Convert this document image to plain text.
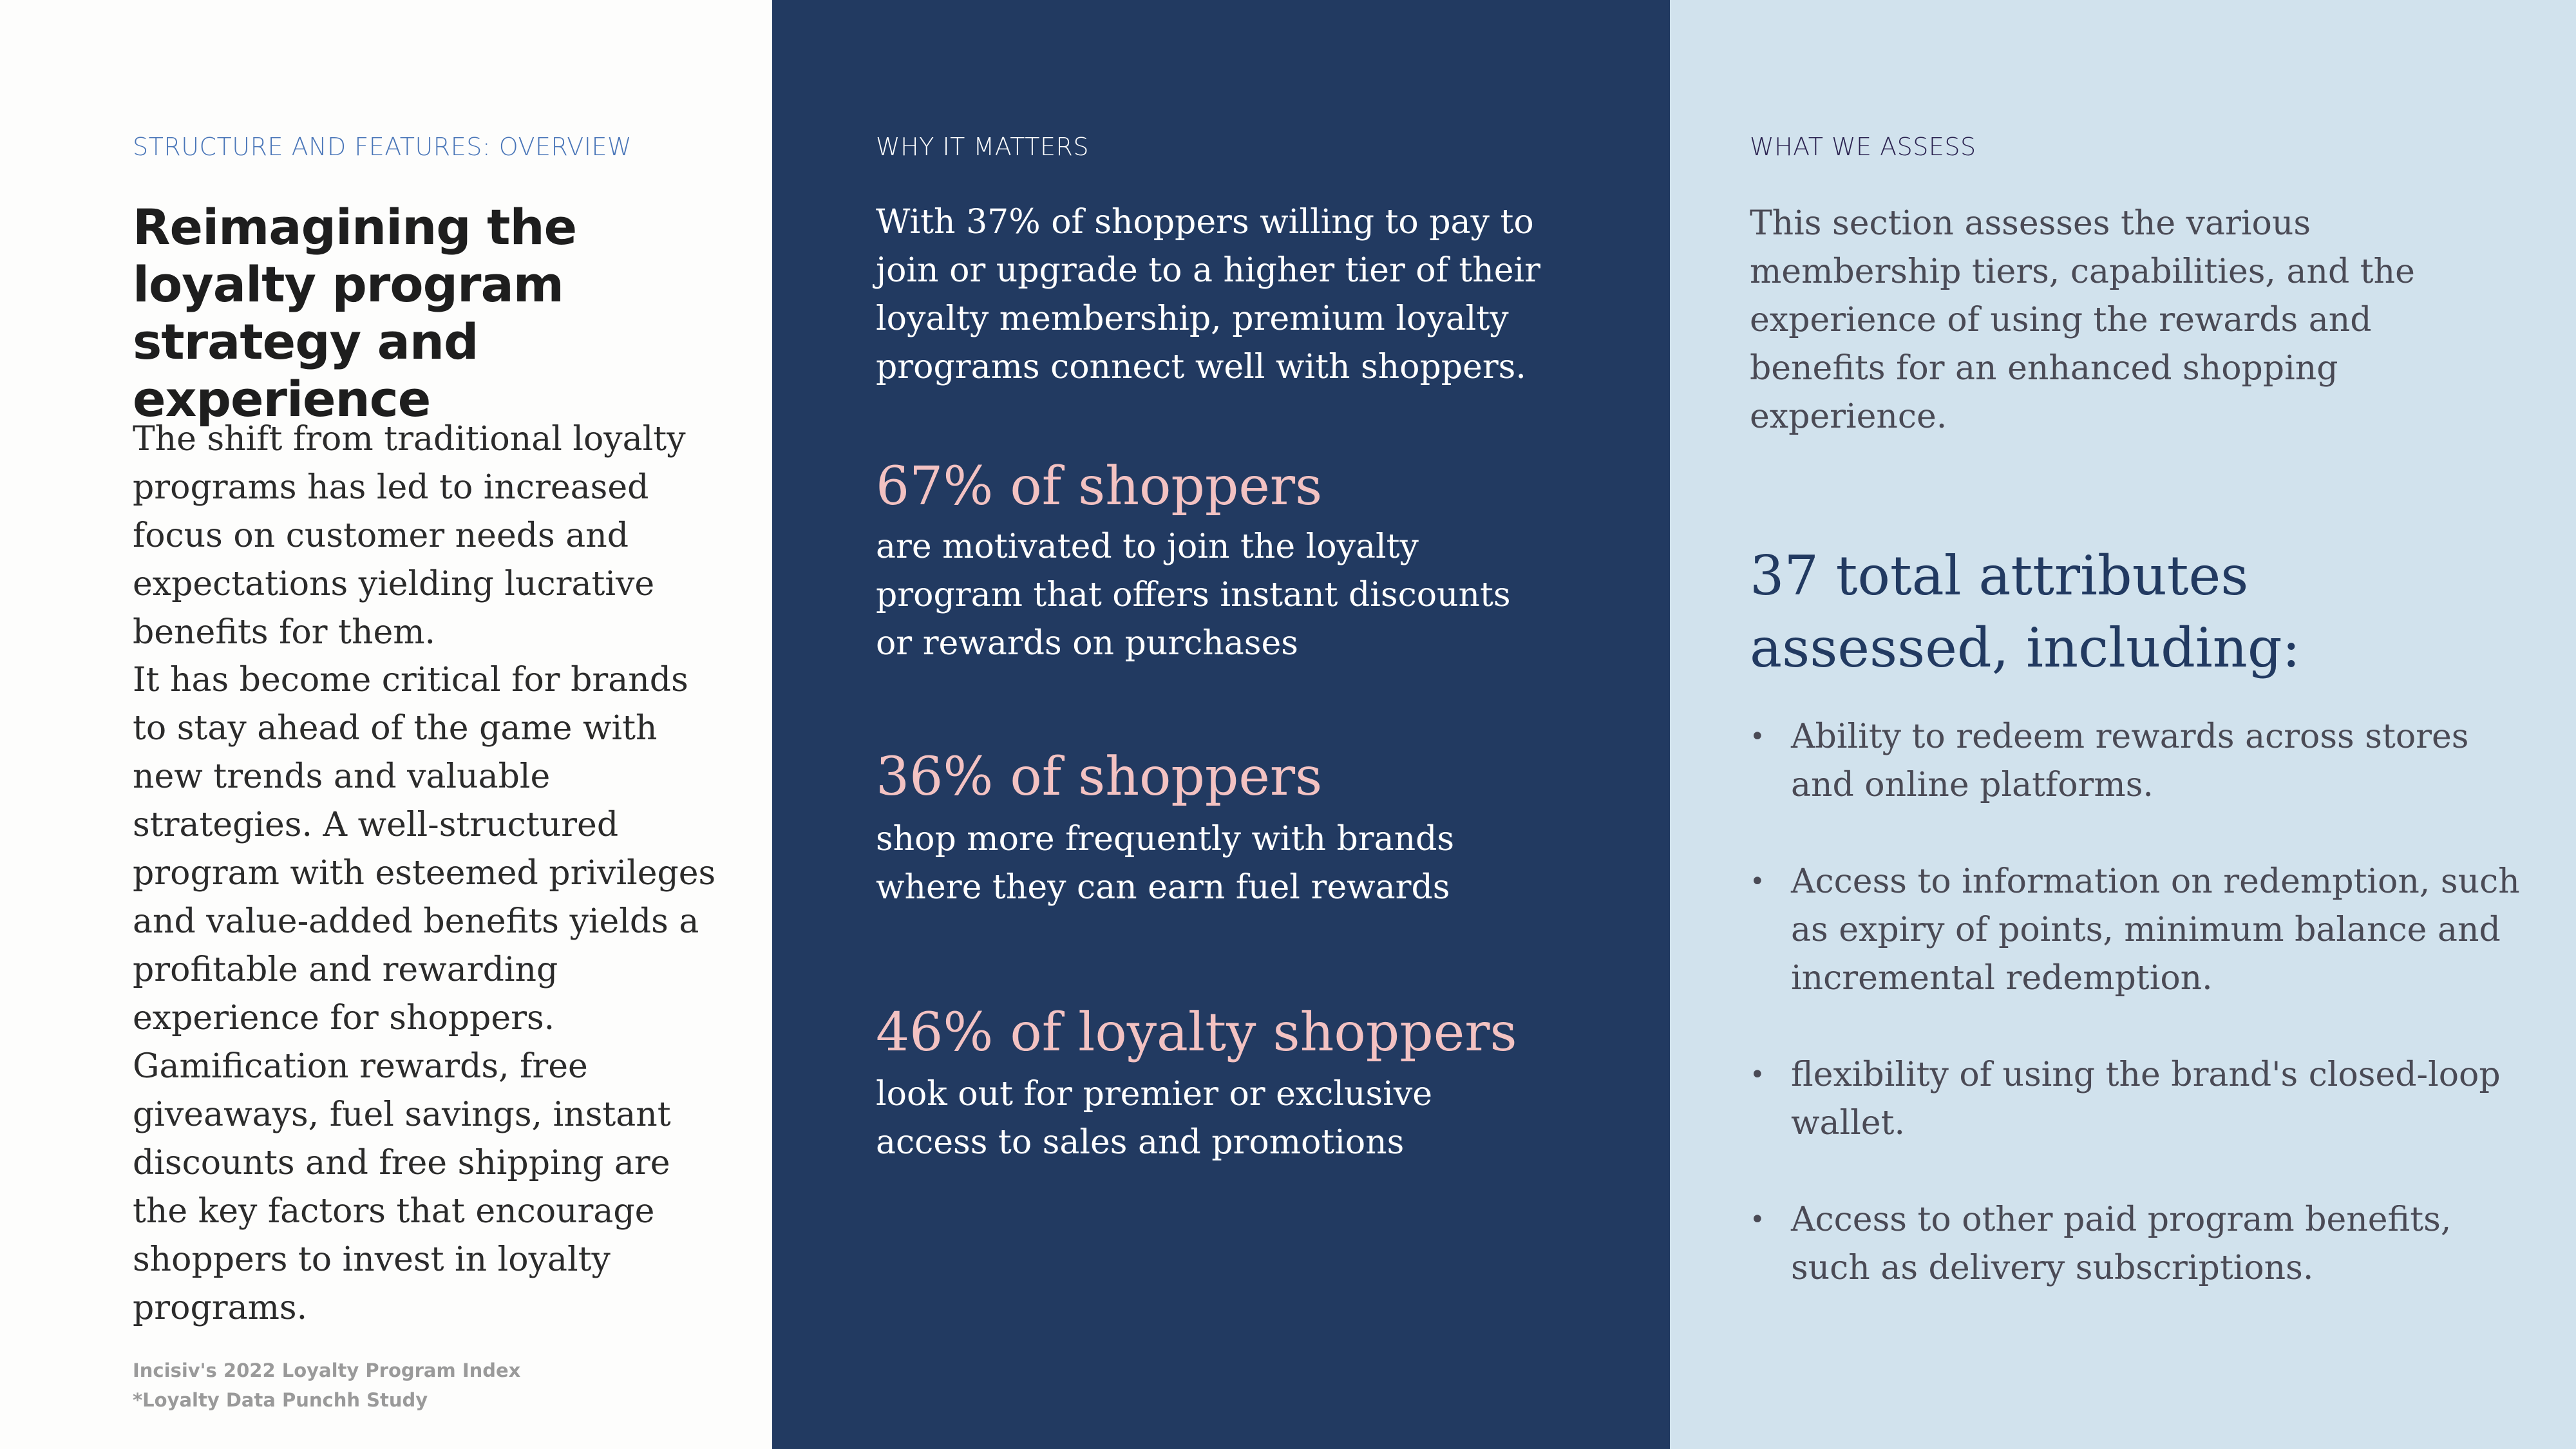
STRUCTURE AND FEATURES: OVERVIEW

Reimagining the loyalty program strategy and experience

The shift from traditional loyalty programs has led to increased focus on customer needs and expectations yielding lucrative benefits for them.

It has become critical for brands to stay ahead of the game with new trends and valuable strategies. A well-structured program with esteemed privileges and value-added benefits yields a profitable and rewarding experience for shoppers. Gamification rewards, free giveaways, fuel savings, instant discounts and free shipping are the key factors that encourage shoppers to invest in loyalty programs.

Incisiv's 2022 Loyalty Program Index
*Loyalty Data Punchh Study

WHY IT MATTERS

With 37% of shoppers willing to pay to join or upgrade to a higher tier of their loyalty membership, premium loyalty programs connect well with shoppers.

67% of shoppers

are motivated to join the loyalty program that offers instant discounts or rewards on purchases

36% of shoppers

shop more frequently with brands where they can earn fuel rewards

46% of loyalty shoppers

look out for premier or exclusive access to sales and promotions

WHAT WE ASSESS

This section assesses the various membership tiers, capabilities, and the experience of using the rewards and benefits for an enhanced shopping experience.

37 total attributes assessed, including:
• Ability to redeem rewards across stores and online platforms.
• Access to information on redemption, such as expiry of points, minimum balance and incremental redemption.
• flexibility of using the brand's closed-loop wallet.
• Access to other paid program benefits, such as delivery subscriptions.
